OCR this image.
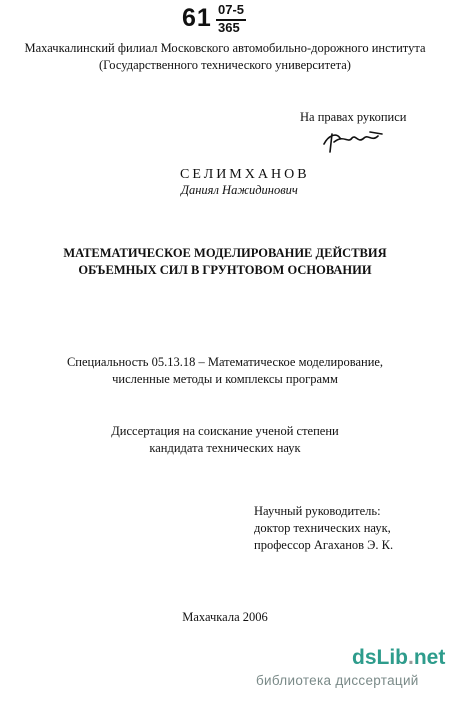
61 07-5
365
Махачкалинский филиал Московского автомобильно-дорожного института
(Государственного технического университета)
На правах рукописи
СЕЛИМХАНОВ
Даниял Нажидинович
МАТЕМАТИЧЕСКОЕ МОДЕЛИРОВАНИЕ ДЕЙСТВИЯ
ОБЪЕМНЫХ СИЛ В ГРУНТОВОМ ОСНОВАНИИ
Специальность 05.13.18 – Математическое моделирование,
численные методы и комплексы программ
Диссертация на соискание ученой степени
кандидата технических наук
Научный руководитель:
доктор технических наук,
профессор Агаханов Э. К.
Махачкала 2006
dsLib.net
библиотека диссертаций
